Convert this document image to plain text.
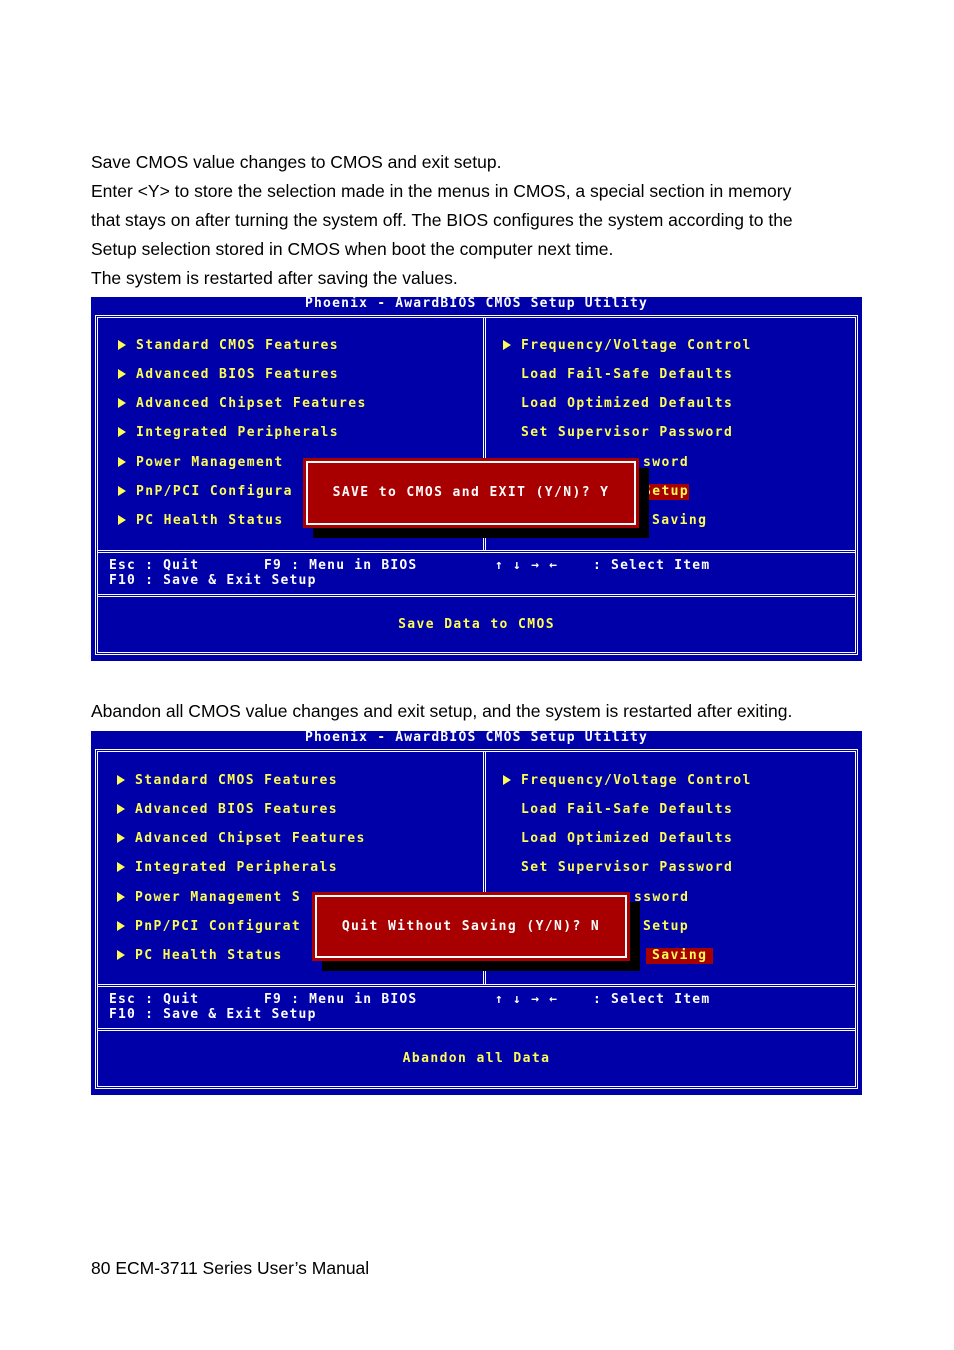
Save CMOS value changes to CMOS and exit setup.

Enter <Y> to store the selection made in the menus in CMOS, a special section in memory

that stays on after turning the system off. The BIOS configures the system according to the

Setup selection stored in CMOS when boot the computer next time.

The system is restarted after saving the values.

Phoenix - AwardBIOS CMOS Setup Utility
Standard CMOS Features
Advanced BIOS Features
Advanced Chipset Features
Integrated Peripherals
Power Management
PnP/PCI Configura
PC Health Status
Frequency/Voltage Control
Load Fail-Safe Defaults
Load Optimized Defaults
Set Supervisor Password
sword
Setup
Saving
Esc : Quit	F9 : Menu in BIOS	↑ ↓ → ←	: Select Item
F10 : Save & Exit Setup
Save Data to CMOS
SAVE to CMOS and EXIT (Y/N)? Y

Abandon all CMOS value changes and exit setup, and the system is restarted after exiting.

Phoenix - AwardBIOS CMOS Setup Utility
Standard CMOS Features
Advanced BIOS Features
Advanced Chipset Features
Integrated Peripherals
Power Management S
PnP/PCI Configurat
PC Health Status
Frequency/Voltage Control
Load Fail-Safe Defaults
Load Optimized Defaults
Set Supervisor Password
ssword
Setup
t Saving
Esc : Quit	F9 : Menu in BIOS	↑ ↓ → ←	: Select Item
F10 : Save & Exit Setup
Abandon all Data
Quit Without Saving (Y/N)? N
80 ECM-3711 Series User’s Manual
